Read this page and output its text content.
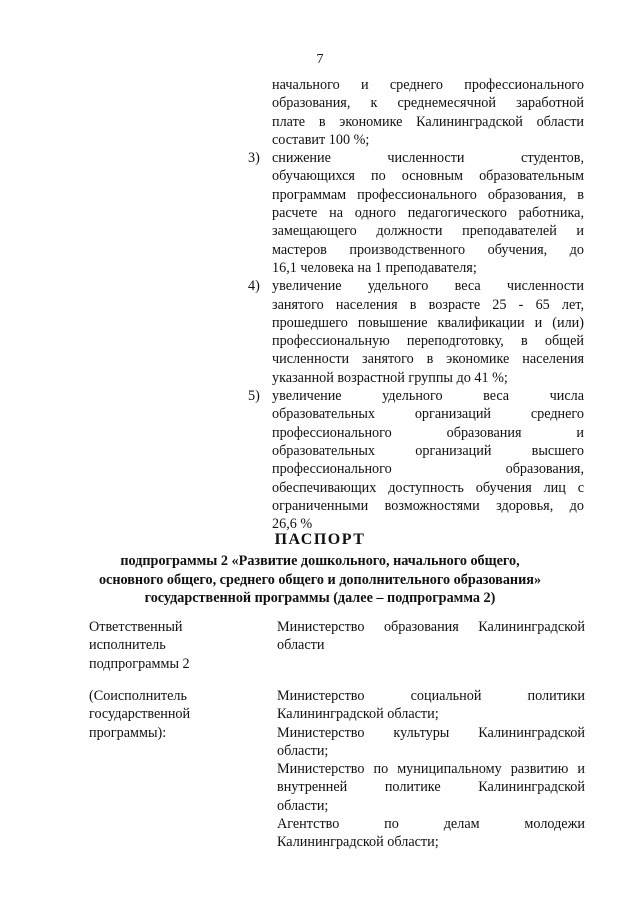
7
начального и среднего профессионального
образования, к среднемесячной заработной
плате в экономике Калининградской области
составит 100 %;
3) снижение численности студентов,
обучающихся по основным образовательным
программам профессионального образования, в
расчете на одного педагогического работника,
замещающего должности преподавателей и
мастеров производственного обучения, до
16,1 человека на 1 преподавателя;
4) увеличение удельного веса численности
занятого населения в возрасте 25 - 65 лет,
прошедшего повышение квалификации и (или)
профессиональную переподготовку, в общей
численности занятого в экономике населения
указанной возрастной группы до 41 %;
5) увеличение удельного веса числа
образовательных организаций среднего
профессионального образования и
образовательных организаций высшего
профессионального образования,
обеспечивающих доступность обучения лиц с
ограниченными возможностями здоровья, до
26,6 %
ПАСПОРТ
подпрограммы 2 «Развитие дошкольного, начального общего,
основного общего, среднего общего и дополнительного образования»
государственной программы (далее – подпрограмма 2)
Ответственный
исполнитель
подпрограммы 2
Министерство образования Калининградской
области
(Соисполнитель
государственной
программы):
Министерство социальной политики
Калининградской области;
Министерство культуры Калининградской
области;
Министерство по муниципальному развитию и
внутренней политике Калининградской
области;
Агентство по делам молодежи
Калининградской области;
